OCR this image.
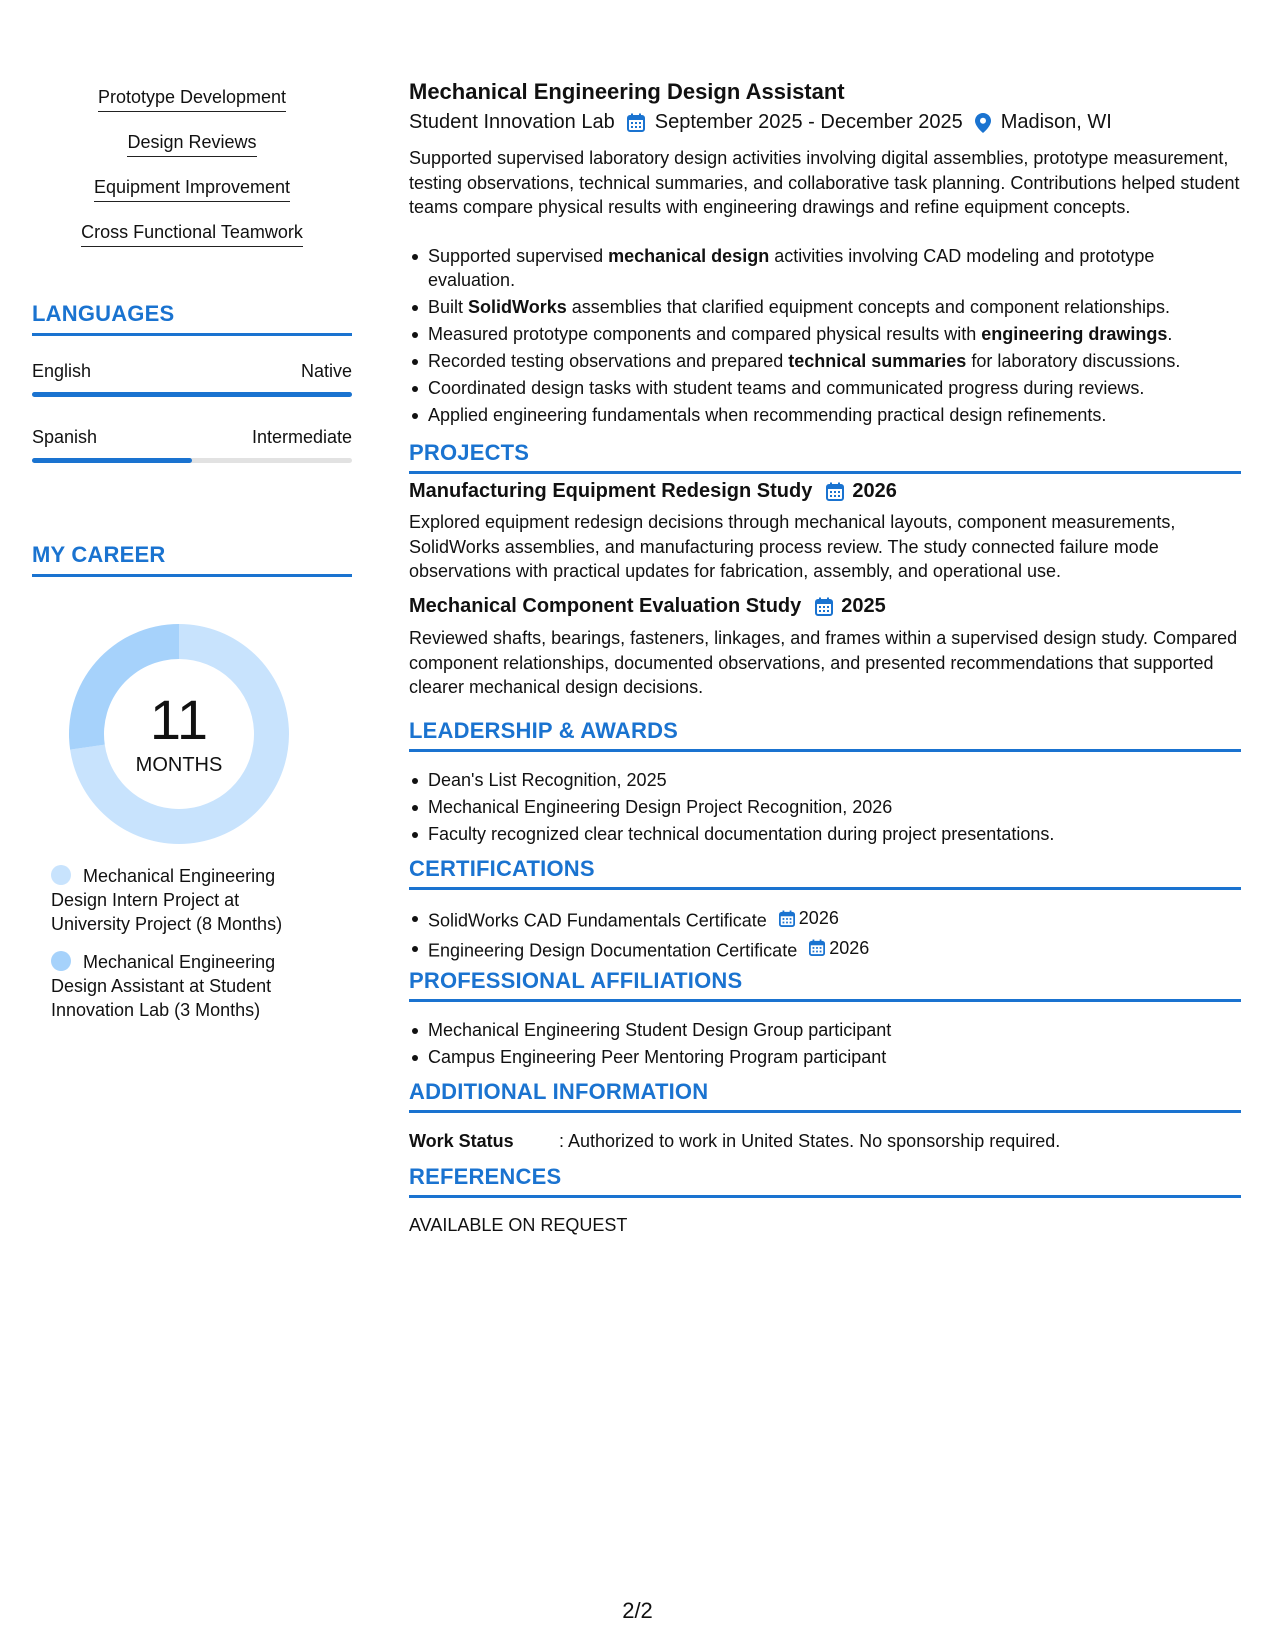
Prototype Development
Design Reviews
Equipment Improvement
Cross Functional Teamwork
LANGUAGES
English	Native
Spanish	Intermediate
MY CAREER
11
MONTHS
Mechanical Engineering Design Intern Project at University Project (8 Months)
Mechanical Engineering Design Assistant at Student Innovation Lab (3 Months)
Mechanical Engineering Design Assistant
Student Innovation Lab September 2025 - December 2025 Madison, WI
Supported supervised laboratory design activities involving digital assemblies, prototype measurement, testing observations, technical summaries, and collaborative task planning. Contributions helped student teams compare physical results with engineering drawings and refine equipment concepts.
Supported supervised mechanical design activities involving CAD modeling and prototype evaluation.
Built SolidWorks assemblies that clarified equipment concepts and component relationships.
Measured prototype components and compared physical results with engineering drawings.
Recorded testing observations and prepared technical summaries for laboratory discussions.
Coordinated design tasks with student teams and communicated progress during reviews.
Applied engineering fundamentals when recommending practical design refinements.
PROJECTS
Manufacturing Equipment Redesign Study 2026
Explored equipment redesign decisions through mechanical layouts, component measurements, SolidWorks assemblies, and manufacturing process review. The study connected failure mode observations with practical updates for fabrication, assembly, and operational use.
Mechanical Component Evaluation Study 2025
Reviewed shafts, bearings, fasteners, linkages, and frames within a supervised design study. Compared component relationships, documented observations, and presented recommendations that supported clearer mechanical design decisions.
LEADERSHIP & AWARDS
Dean's List Recognition, 2025
Mechanical Engineering Design Project Recognition, 2026
Faculty recognized clear technical documentation during project presentations.
CERTIFICATIONS
SolidWorks CAD Fundamentals Certificate 2026
Engineering Design Documentation Certificate 2026
PROFESSIONAL AFFILIATIONS
Mechanical Engineering Student Design Group participant
Campus Engineering Peer Mentoring Program participant
ADDITIONAL INFORMATION
Work Status	: Authorized to work in United States. No sponsorship required.
REFERENCES
AVAILABLE ON REQUEST
2/2
